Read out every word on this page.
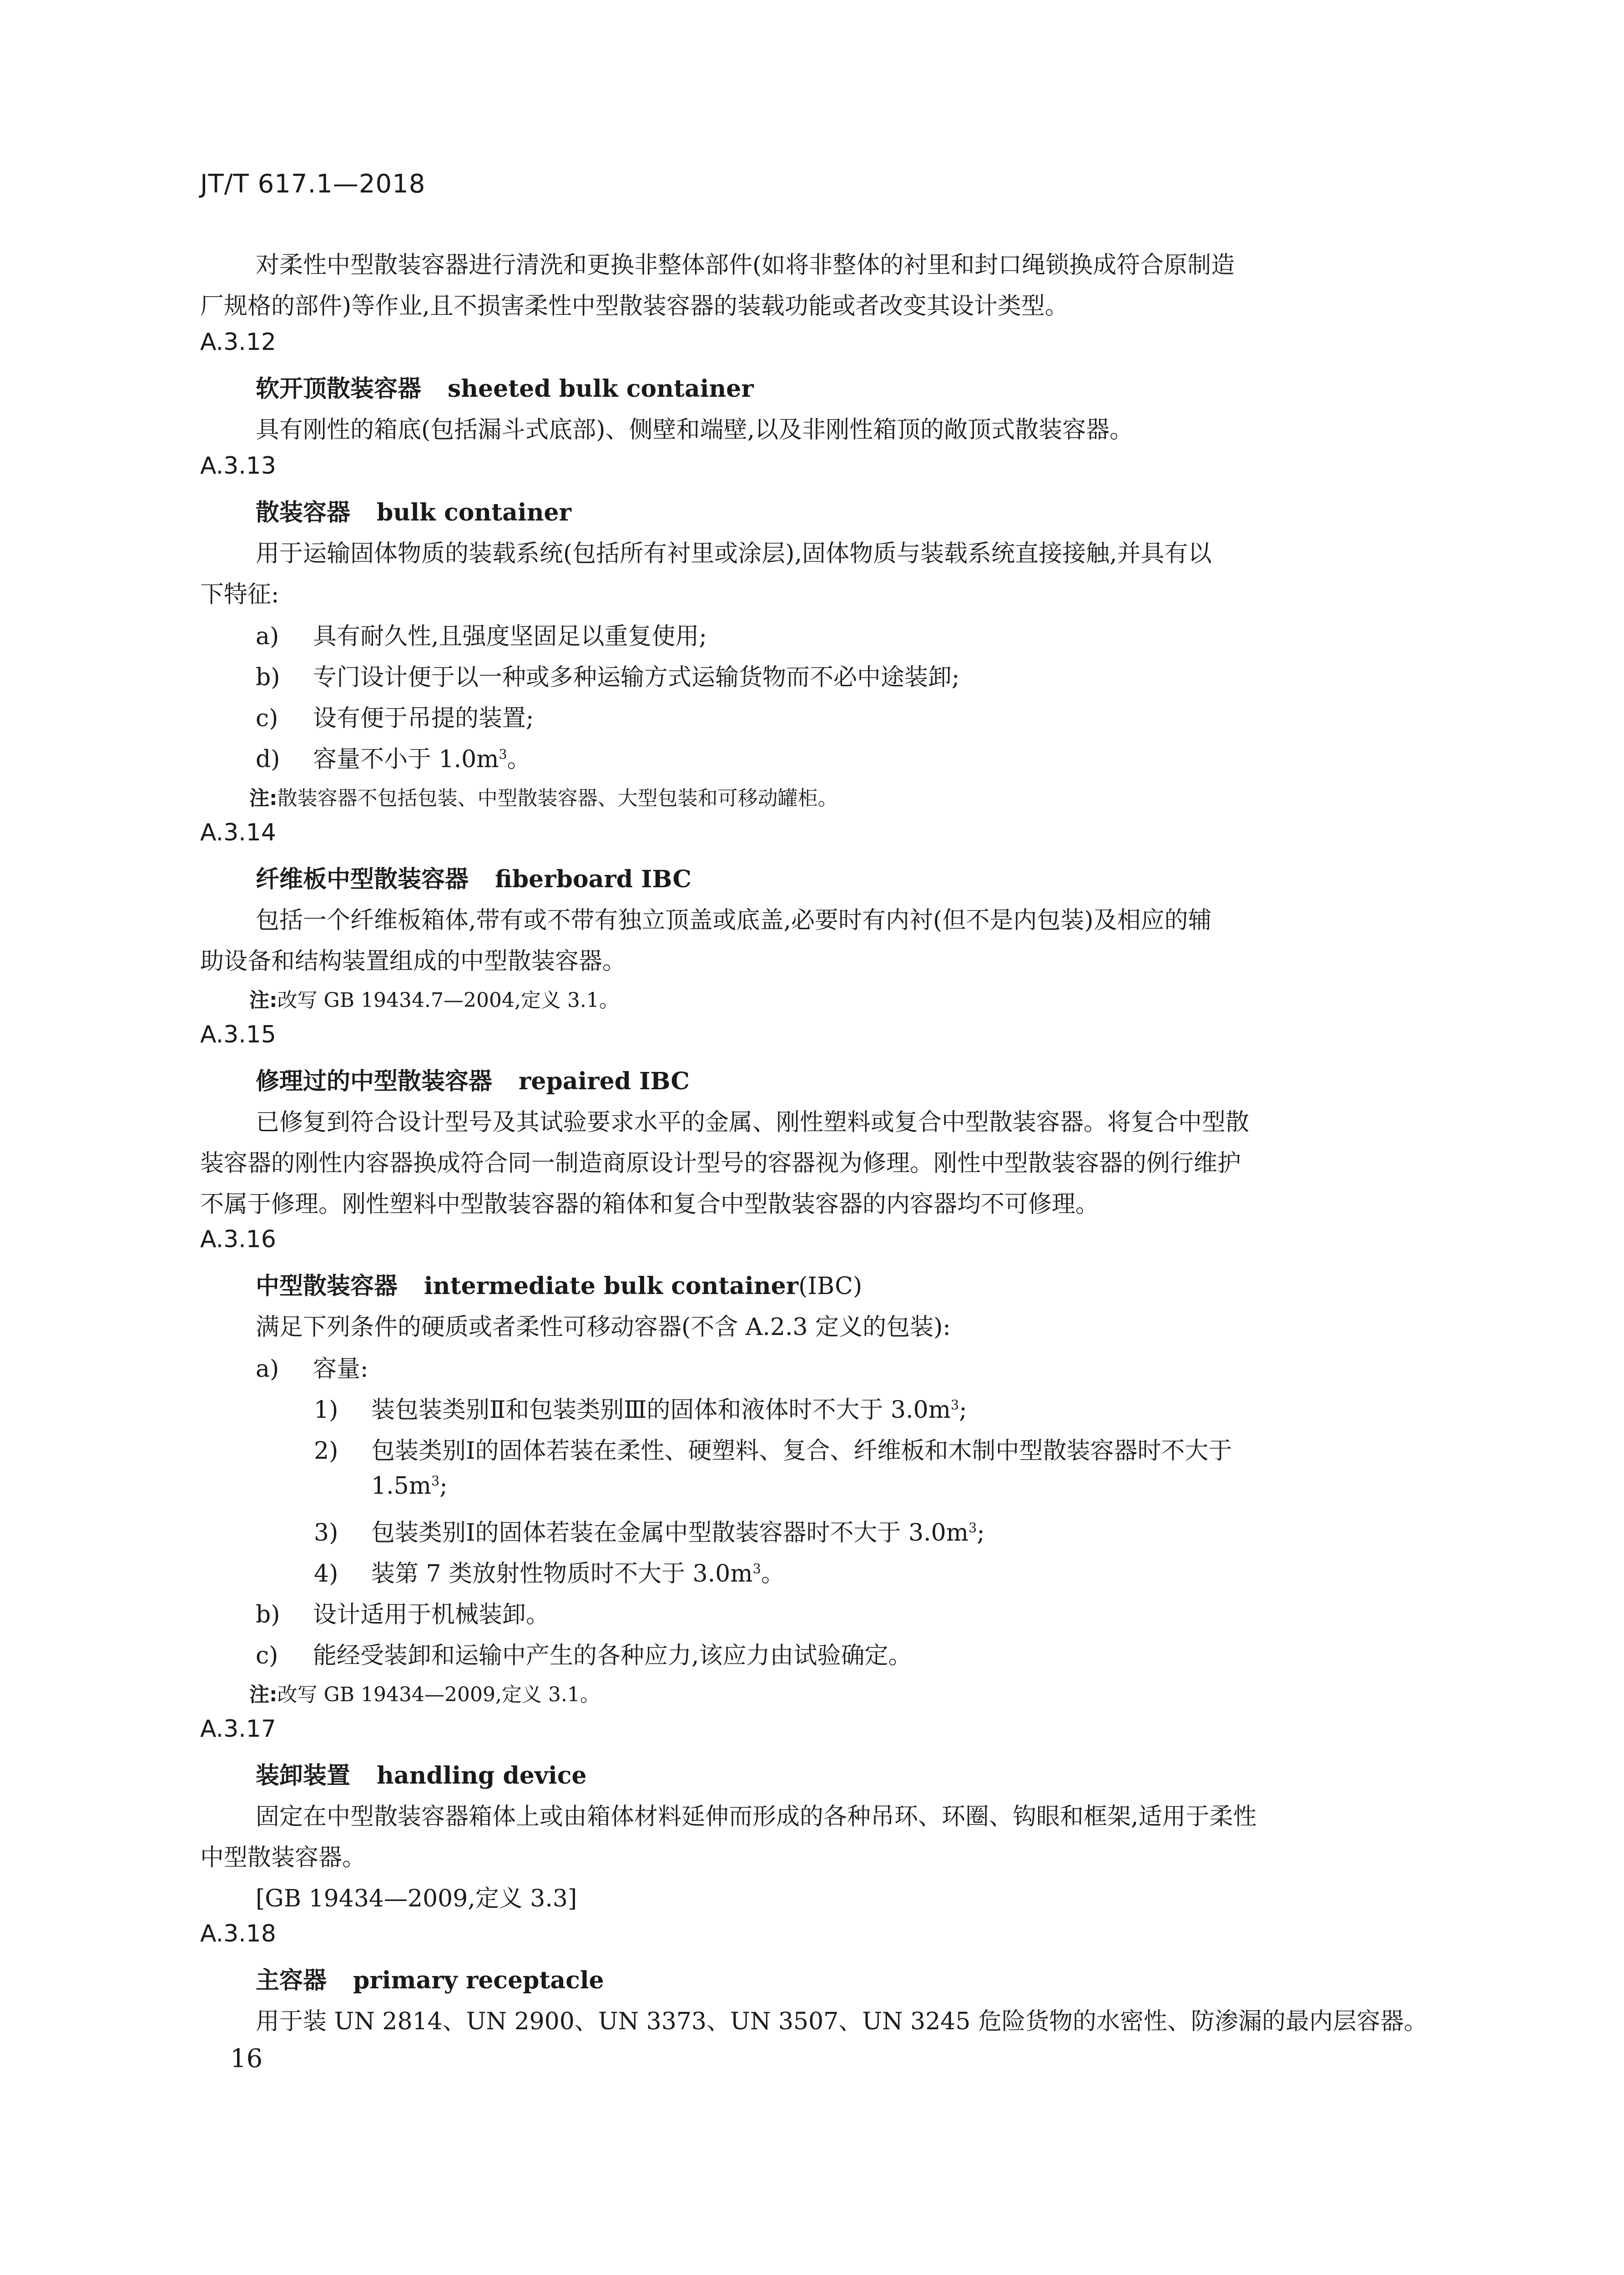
JT/T 617.1—2018
对柔性中型散装容器进行清洗和更换非整体部件(如将非整体的衬里和封口绳锁换成符合原制造
厂规格的部件)等作业,且不损害柔性中型散装容器的装载功能或者改变其设计类型。
A.3.12
软开顶散装容器 sheeted bulk container
具有刚性的箱底(包括漏斗式底部)、侧壁和端壁,以及非刚性箱顶的敞顶式散装容器。
A.3.13
散装容器 bulk container
用于运输固体物质的装载系统(包括所有衬里或涂层),固体物质与装载系统直接接触,并具有以
下特征:
a) 具有耐久性,且强度坚固足以重复使用;
b) 专门设计便于以一种或多种运输方式运输货物而不必中途装卸;
c) 设有便于吊提的装置;
d) 容量不小于 $1.0m^3$。
注:散装容器不包括包装、中型散装容器、大型包装和可移动罐柜。
A.3.14
纤维板中型散装容器 fiberboard IBC
包括一个纤维板箱体,带有或不带有独立顶盖或底盖,必要时有内衬(但不是内包装)及相应的辅
助设备和结构装置组成的中型散装容器。
注:改写 GB 19434.7—2004,定义 3.1。
A.3.15
修理过的中型散装容器 repaired IBC
已修复到符合设计型号及其试验要求水平的金属、刚性塑料或复合中型散装容器。将复合中型散
装容器的刚性内容器换成符合同一制造商原设计型号的容器视为修理。刚性中型散装容器的例行维护
不属于修理。刚性塑料中型散装容器的箱体和复合中型散装容器的内容器均不可修理。
A.3.16
中型散装容器 intermediate bulk container(IBC)
满足下列条件的硬质或者柔性可移动容器(不含 A.2.3 定义的包装):
a) 容量:
1) 装包装类别Ⅱ和包装类别Ⅲ的固体和液体时不大于 $3.0m^3$;
2) 包装类别Ⅰ的固体若装在柔性、硬塑料、复合、纤维板和木制中型散装容器时不大于
$1.5m^3$;
3) 包装类别Ⅰ的固体若装在金属中型散装容器时不大于 $3.0m^3$;
4) 装第 7 类放射性物质时不大于 $3.0m^3$。
b) 设计适用于机械装卸。
c) 能经受装卸和运输中产生的各种应力,该应力由试验确定。
注:改写 GB 19434—2009,定义 3.1。
A.3.17
装卸装置 handling device
固定在中型散装容器箱体上或由箱体材料延伸而形成的各种吊环、环圈、钩眼和框架,适用于柔性
中型散装容器。
[GB 19434—2009,定义 3.3]
A.3.18
主容器 primary receptacle
用于装 UN 2814、UN 2900、UN 3373、UN 3507、UN 3245 危险货物的水密性、防渗漏的最内层容器。
16
